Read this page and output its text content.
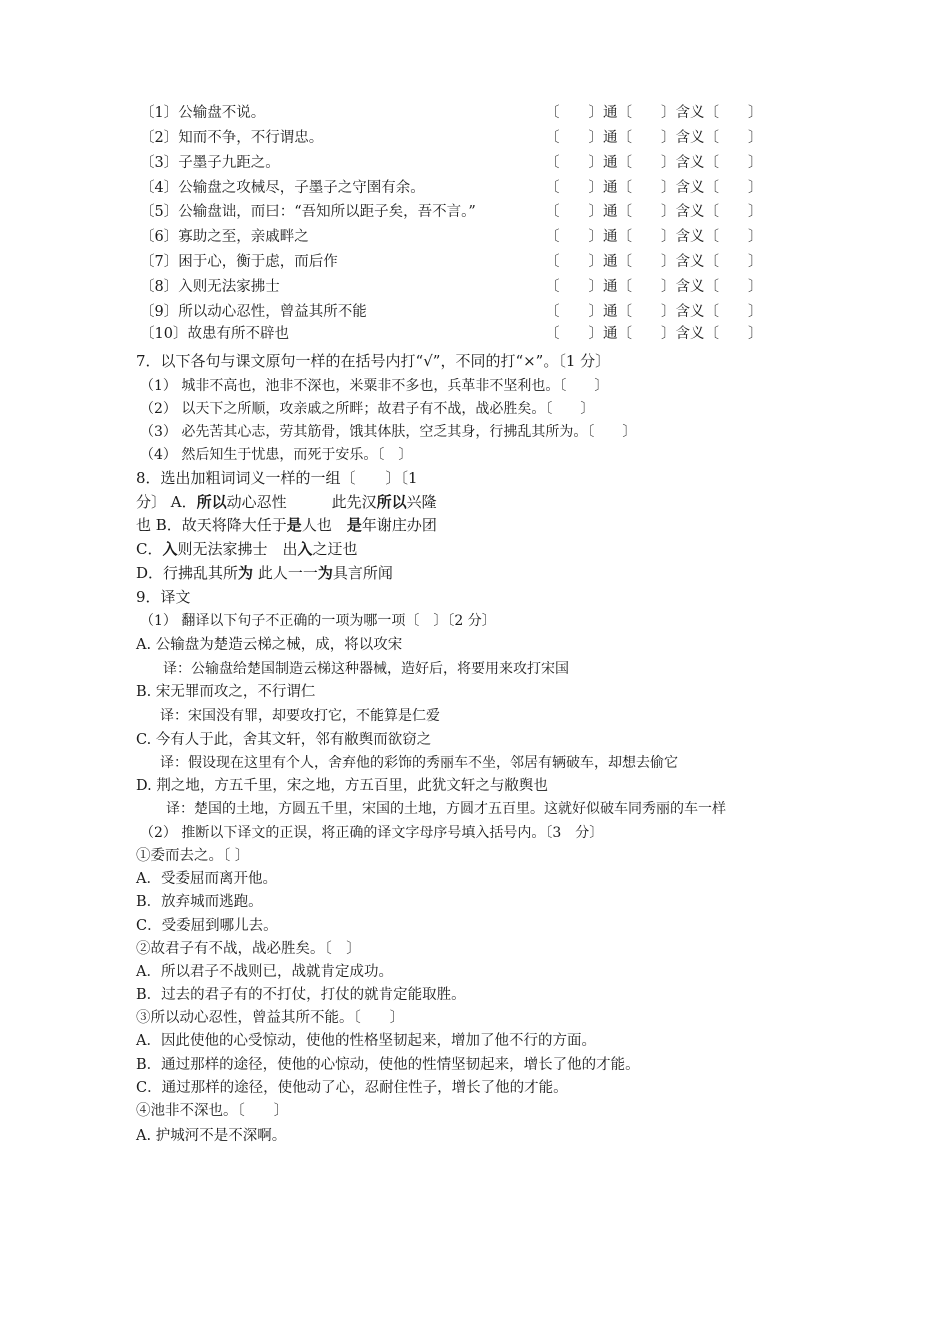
〔1〕公输盘不说。	〔　　〕通〔　　〕含义〔　　〕
〔2〕知而不争，不行谓忠。	〔　　〕通〔　　〕含义〔　　〕
〔3〕子墨子九距之。	〔　　〕通〔　　〕含义〔　　〕
〔4〕公输盘之攻械尽，子墨子之守圉有余。	〔　　〕通〔　　〕含义〔　　〕
〔5〕公输盘诎，而曰：“吾知所以距子矣，吾不言。”	〔　　〕通〔　　〕含义〔　　〕
〔6〕寡助之至，亲戚畔之	〔　　〕通〔　　〕含义〔　　〕
〔7〕困于心，衡于虑，而后作	〔　　〕通〔　　〕含义〔　　〕
〔8〕入则无法家拂士	〔　　〕通〔　　〕含义〔　　〕
〔9〕所以动心忍性，曾益其所不能	〔　　〕通〔　　〕含义〔　　〕
〔10〕故患有所不辟也	〔　　〕通〔　　〕含义〔　　〕
7．以下各句与课文原句一样的在括号内打“√”，不同的打“×”。〔1 分〕
（1） 城非不高也，池非不深也，米粟非不多也，兵革非不坚利也。〔　　〕
（2） 以天下之所顺，攻亲戚之所畔；故君子有不战，战必胜矣。〔　　〕
（3） 必先苦其心志，劳其筋骨，饿其体肤，空乏其身，行拂乱其所为。〔　　〕
（4） 然后知生于忧患，而死于安乐。〔　〕
8．选出加粗词词义一样的一组〔　　〕〔1
分〕 A．所以动心忍性　　　此先汉所以兴隆
也 B．故天将降大任于是人也　是年谢庄办团
C．入则无法家拂士　出入之迂也
D．行拂乱其所为 此人一一为具言所闻
9．译文
（1） 翻译以下句子不正确的一项为哪一项〔　〕〔2 分〕
A. 公输盘为楚造云梯之械，成，将以攻宋
译：公输盘给楚国制造云梯这种器械，造好后，将要用来攻打宋国
B. 宋无罪而攻之，不行谓仁
译：宋国没有罪，却要攻打它，不能算是仁爱
C. 今有人于此，舍其文轩，邻有敝舆而欲窃之
译：假设现在这里有个人，舍弃他的彩饰的秀丽车不坐，邻居有辆破车，却想去偷它
D. 荆之地，方五千里，宋之地，方五百里，此犹文轩之与敝舆也
译：楚国的土地，方圆五千里，宋国的土地，方圆才五百里。这就好似破车同秀丽的车一样
（2） 推断以下译文的正误，将正确的译文字母序号填入括号内。〔3　分〕
①委而去之。〔 〕
A．受委屈而离开他。
B．放弃城而逃跑。
C．受委屈到哪儿去。
②故君子有不战，战必胜矣。〔　〕
A．所以君子不战则已，战就肯定成功。
B．过去的君子有的不打仗，打仗的就肯定能取胜。
③所以动心忍性，曾益其所不能。〔　　〕
A．因此使他的心受惊动，使他的性格坚韧起来，增加了他不行的方面。
B．通过那样的途径，使他的心惊动，使他的性情坚韧起来，增长了他的才能。
C．通过那样的途径，使他动了心，忍耐住性子，增长了他的才能。
④池非不深也。〔　　〕
A. 护城河不是不深啊。
